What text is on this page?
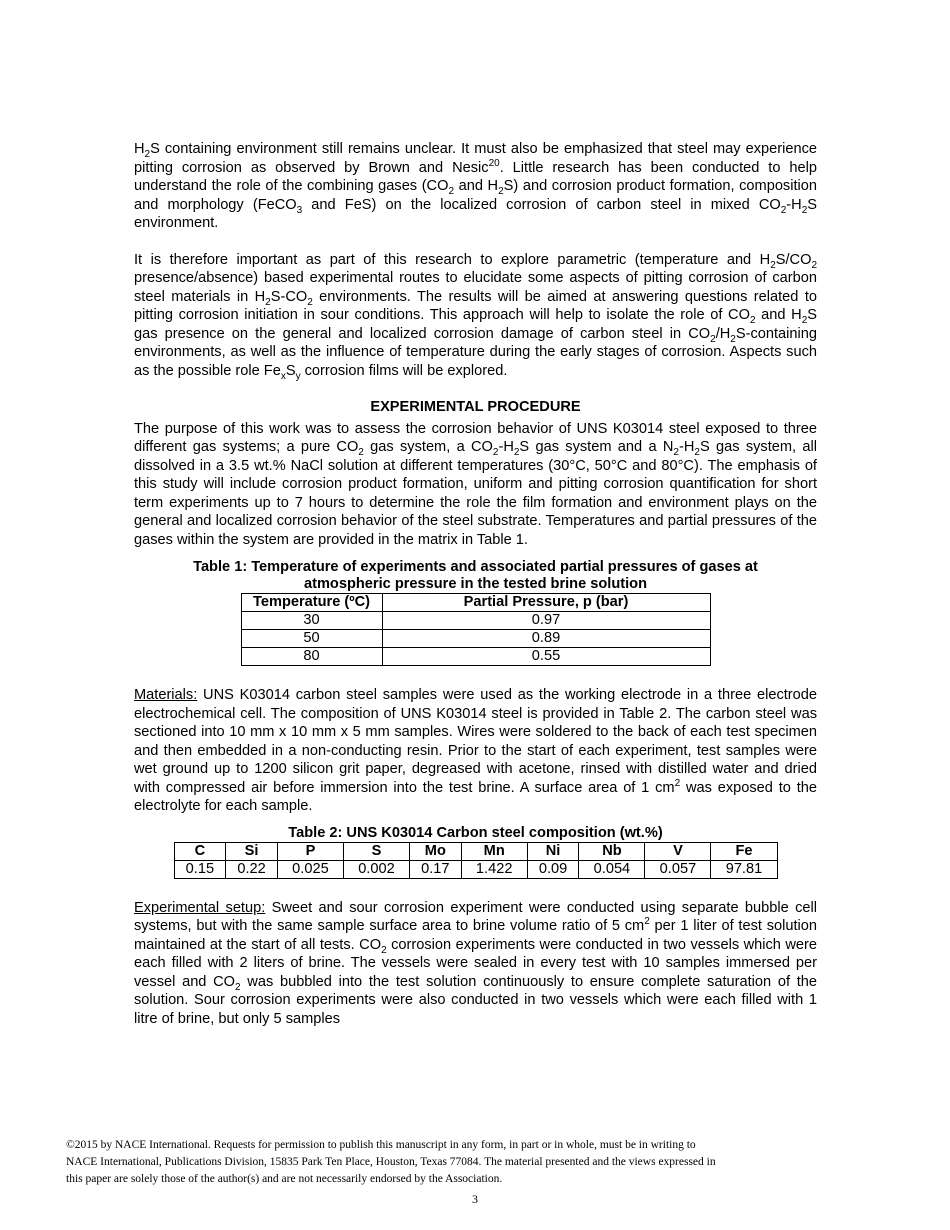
$H_2S$ containing environment still remains unclear. It must also be emphasized that steel may experience pitting corrosion as observed by Brown and Nesic$^{20}$. Little research has been conducted to help understand the role of the combining gases ($CO_2$ and $H_2S$) and corrosion product formation, composition and morphology (FeCO$_3$ and FeS) on the localized corrosion of carbon steel in mixed $CO_2-H_2S$ environment.

It is therefore important as part of this research to explore parametric (temperature and $H_2S/CO_2$ presence/absence) based experimental routes to elucidate some aspects of pitting corrosion of carbon steel materials in $H_2S-CO_2$ environments. The results will be aimed at answering questions related to pitting corrosion initiation in sour conditions. This approach will help to isolate the role of $CO_2$ and $H_2S$ gas presence on the general and localized corrosion damage of carbon steel in $CO_2/H_2S$-containing environments, as well as the influence of temperature during the early stages of corrosion. Aspects such as the possible role $Fe_xS_y$ corrosion films will be explored.

EXPERIMENTAL PROCEDURE

The purpose of this work was to assess the corrosion behavior of UNS K03014 steel exposed to three different gas systems; a pure $CO_2$ gas system, a $CO_2-H_2S$ gas system and a $N_2-H_2S$ gas system, all dissolved in a 3.5 wt.% NaCl solution at different temperatures (30°C, 50°C and 80°C). The emphasis of this study will include corrosion product formation, uniform and pitting corrosion quantification for short term experiments up to 7 hours to determine the role the film formation and environment plays on the general and localized corrosion behavior of the steel substrate. Temperatures and partial pressures of the gases within the system are provided in the matrix in Table 1.

Table 1: Temperature of experiments and associated partial pressures of gases at
atmospheric pressure in the tested brine solution

Temperature (ºC)	Partial Pressure, p (bar)
30	0.97
50	0.89
80	0.55

Materials: UNS K03014 carbon steel samples were used as the working electrode in a three electrode electrochemical cell. The composition of UNS K03014 steel is provided in Table 2. The carbon steel was sectioned into 10 mm x 10 mm x 5 mm samples. Wires were soldered to the back of each test specimen and then embedded in a non-conducting resin. Prior to the start of each experiment, test samples were wet ground up to 1200 silicon grit paper, degreased with acetone, rinsed with distilled water and dried with compressed air before immersion into the test brine. A surface area of 1 $cm^2$ was exposed to the electrolyte for each sample.

Table 2: UNS K03014 Carbon steel composition (wt.%)

C	Si	P	S	Mo	Mn	Ni	Nb	V	Fe
0.15	0.22	0.025	0.002	0.17	1.422	0.09	0.054	0.057	97.81

Experimental setup: Sweet and sour corrosion experiment were conducted using separate bubble cell systems, but with the same sample surface area to brine volume ratio of 5 $cm^2$ per 1 liter of test solution maintained at the start of all tests. $CO_2$ corrosion experiments were conducted in two vessels which were each filled with 2 liters of brine. The vessels were sealed in every test with 10 samples immersed per vessel and $CO_2$ was bubbled into the test solution continuously to ensure complete saturation of the solution. Sour corrosion experiments were also conducted in two vessels which were each filled with 1 litre of brine, but only 5 samples

©2015 by NACE International. Requests for permission to publish this manuscript in any form, in part or in whole, must be in writing to
NACE International, Publications Division, 15835 Park Ten Place, Houston, Texas 77084. The material presented and the views expressed in
this paper are solely those of the author(s) and are not necessarily endorsed by the Association.
3
